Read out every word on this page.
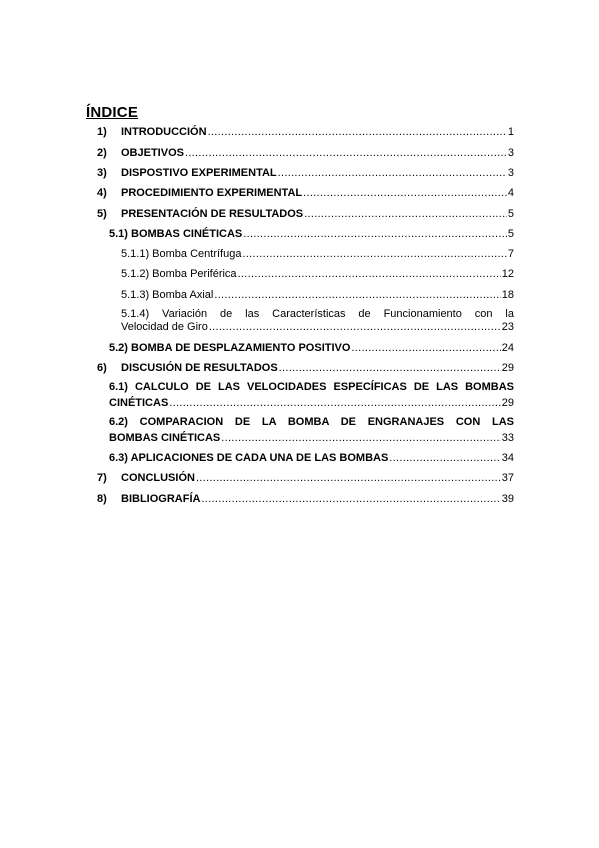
ÍNDICE
1) INTRODUCCIÓN .....	1
2) OBJETIVOS .....	3
3) DISPOSTIVO EXPERIMENTAL .....	3
4) PROCEDIMIENTO EXPERIMENTAL .....	4
5) PRESENTACIÓN DE RESULTADOS .....	5
5.1) BOMBAS CINÉTICAS .....	5
5.1.1) Bomba Centrífuga .....	7
5.1.2) Bomba Periférica .....	12
5.1.3) Bomba Axial .....	18
5.1.4) Variación de las Características de Funcionamiento con la
Velocidad de Giro .....	23
5.2) BOMBA DE DESPLAZAMIENTO POSITIVO .....	24
6) DISCUSIÓN DE RESULTADOS .....	29
6.1) CALCULO DE LAS VELOCIDADES ESPECÍFICAS DE LAS BOMBAS
CINÉTICAS .....	29
6.2) COMPARACION DE LA BOMBA DE ENGRANAJES CON LAS
BOMBAS CINÉTICAS .....	33
6.3) APLICACIONES DE CADA UNA DE LAS BOMBAS .....	34
7) CONCLUSIÓN .....	37
8) BIBLIOGRAFÍA .....	39
